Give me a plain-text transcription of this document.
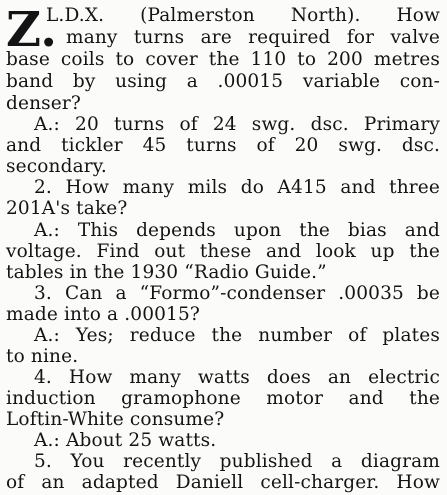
Z.
L.D.X. (Palmerston North). How
many turns are required for valve
base coils to cover the 110 to 200 metres
band by using a .00015 variable con-
denser?
A.: 20 turns of 24 swg. dsc. Primary
and tickler 45 turns of 20 swg. dsc.
secondary.
2. How many mils do A415 and three
201A's take?
A.: This depends upon the bias and
voltage. Find out these and look up the
tables in the 1930 “Radio Guide.”
3. Can a “Formo”-condenser .00035 be
made into a .00015?
A.: Yes; reduce the number of plates
to nine.
4. How many watts does an electric
induction gramophone motor and the
Loftin-White consume?
A.: About 25 watts.
5. You recently published a diagram
of an adapted Daniell cell-charger. How
